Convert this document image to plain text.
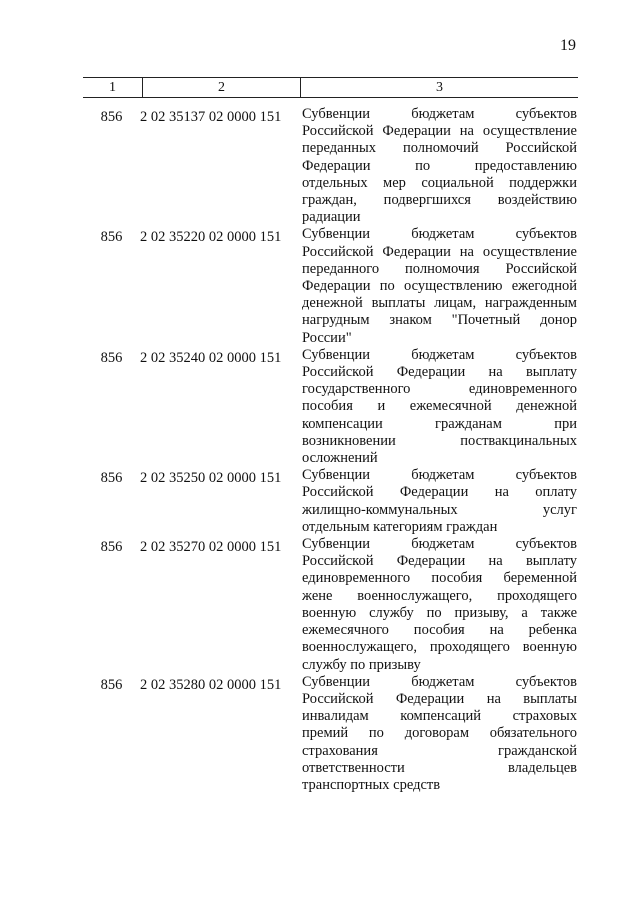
19
1	2	3
856	2 02 35137 02 0000 151	Субвенции бюджетам субъектов
Российской Федерации на осуществление
переданных полномочий Российской
Федерации по предоставлению
отдельных мер социальной поддержки
граждан, подвергшихся воздействию
радиации
856	2 02 35220 02 0000 151	Субвенции бюджетам субъектов
Российской Федерации на осуществление
переданного полномочия Российской
Федерации по осуществлению ежегодной
денежной выплаты лицам, награжденным
нагрудным знаком "Почетный донор
России"
856	2 02 35240 02 0000 151	Субвенции бюджетам субъектов
Российской Федерации на выплату
государственного единовременного
пособия и ежемесячной денежной
компенсации гражданам при
возникновении поствакцинальных
осложнений
856	2 02 35250 02 0000 151	Субвенции бюджетам субъектов
Российской Федерации на оплату
жилищно-коммунальных услуг
отдельным категориям граждан
856	2 02 35270 02 0000 151	Субвенции бюджетам субъектов
Российской Федерации на выплату
единовременного пособия беременной
жене военнослужащего, проходящего
военную службу по призыву, а также
ежемесячного пособия на ребенка
военнослужащего, проходящего военную
службу по призыву
856	2 02 35280 02 0000 151	Субвенции бюджетам субъектов
Российской Федерации на выплаты
инвалидам компенсаций страховых
премий по договорам обязательного
страхования гражданской
ответственности владельцев
транспортных средств
